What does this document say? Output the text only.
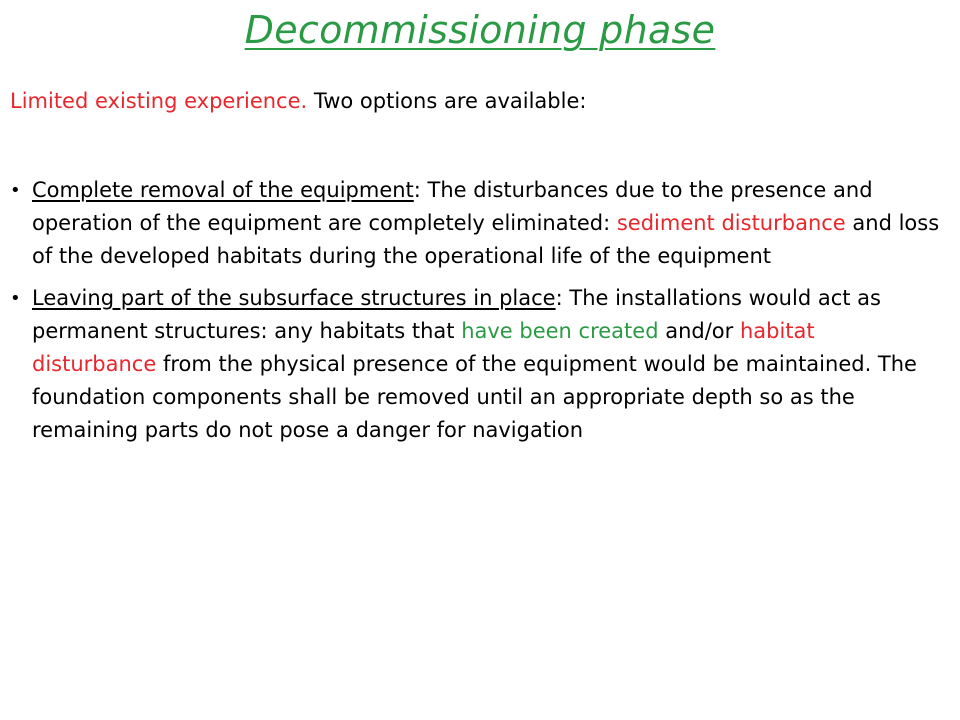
Decommissioning phase
Limited existing experience. Two options are available:
• Complete removal of the equipment: The disturbances due to the presence and operation of the equipment are completely eliminated: sediment disturbance and loss of the developed habitats during the operational life of the equipment
• Leaving part of the subsurface structures in place: The installations would act as permanent structures: any habitats that have been created and/or habitat disturbance from the physical presence of the equipment would be maintained. The foundation components shall be removed until an appropriate depth so as the remaining parts do not pose a danger for navigation
